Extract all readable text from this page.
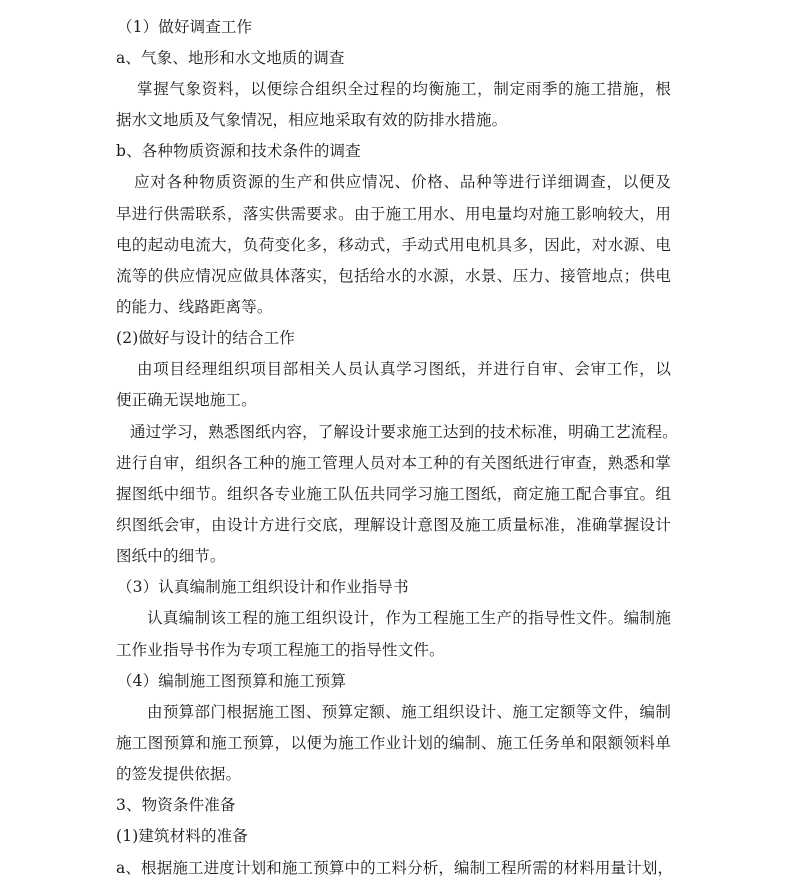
（1）做好调查工作
a、气象、地形和水文地质的调查
掌握气象资料，以便综合组织全过程的均衡施工，制定雨季的施工措施，根
据水文地质及气象情况，相应地采取有效的防排水措施。
b、各种物质资源和技术条件的调查
应对各种物质资源的生产和供应情况、价格、品种等进行详细调查，以便及
早进行供需联系，落实供需要求。由于施工用水、用电量均对施工影响较大，用
电的起动电流大，负荷变化多，移动式，手动式用电机具多，因此，对水源、电
流等的供应情况应做具体落实，包括给水的水源，水景、压力、接管地点；供电
的能力、线路距离等。
(2)做好与设计的结合工作
由项目经理组织项目部相关人员认真学习图纸，并进行自审、会审工作，以
便正确无误地施工。
通过学习，熟悉图纸内容，了解设计要求施工达到的技术标准，明确工艺流程。
进行自审，组织各工种的施工管理人员对本工种的有关图纸进行审查，熟悉和掌
握图纸中细节。组织各专业施工队伍共同学习施工图纸，商定施工配合事宜。组
织图纸会审，由设计方进行交底，理解设计意图及施工质量标准，准确掌握设计
图纸中的细节。
（3）认真编制施工组织设计和作业指导书
认真编制该工程的施工组织设计，作为工程施工生产的指导性文件。编制施
工作业指导书作为专项工程施工的指导性文件。
（4）编制施工图预算和施工预算
由预算部门根据施工图、预算定额、施工组织设计、施工定额等文件，编制
施工图预算和施工预算，以便为施工作业计划的编制、施工任务单和限额领料单
的签发提供依据。
3、物资条件准备
(1)建筑材料的准备
a、根据施工进度计划和施工预算中的工料分析，编制工程所需的材料用量计划，
